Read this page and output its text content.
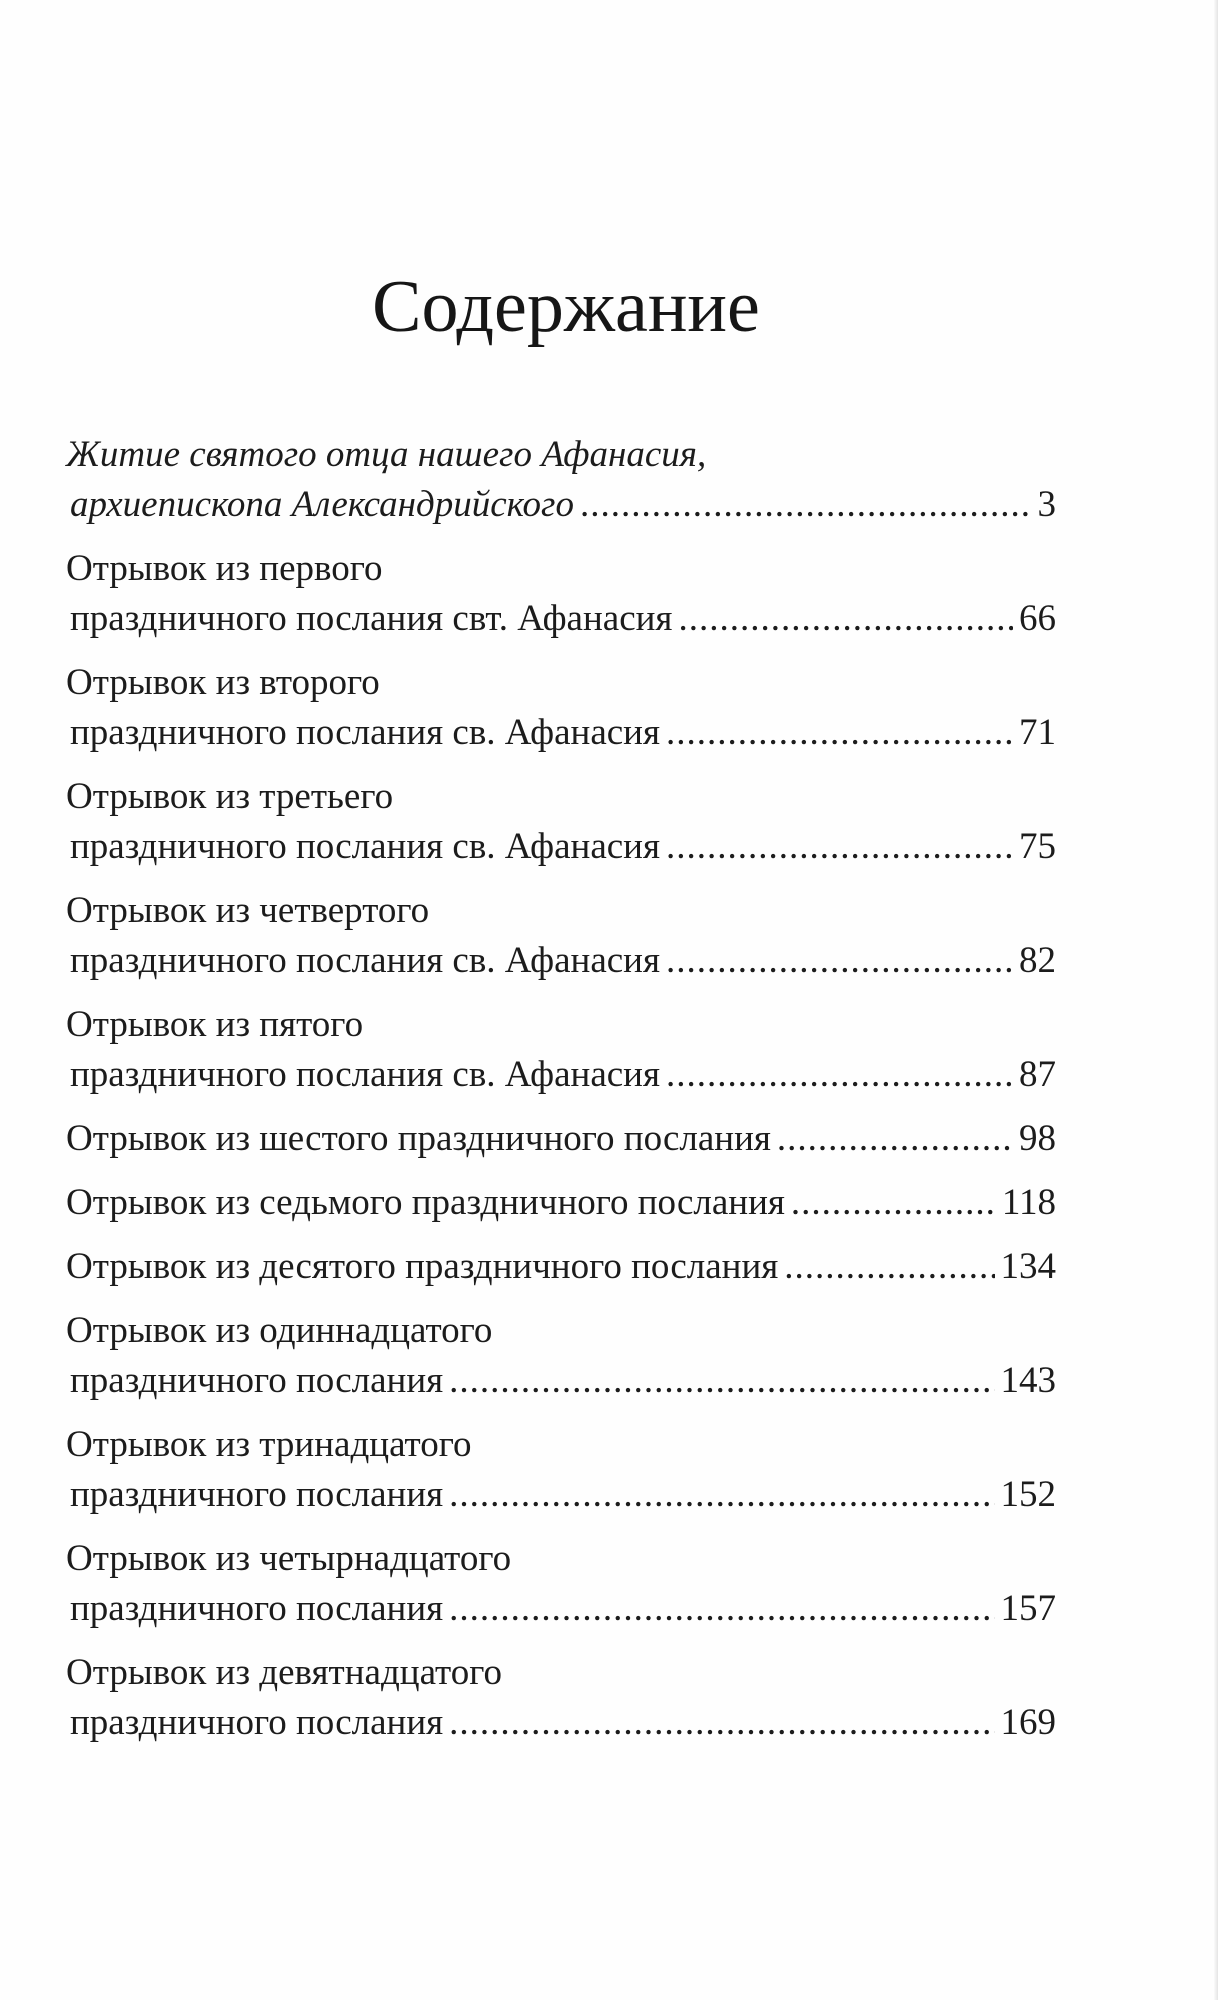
Содержание
Житие святого отца нашего Афанасия,
архиепископа Александрийского .....	3
Отрывок из первого
праздничного послания свт. Афанасия .....	66
Отрывок из второго
праздничного послания св. Афанасия .....	71
Отрывок из третьего
праздничного послания св. Афанасия .....	75
Отрывок из четвертого
праздничного послания св. Афанасия .....	82
Отрывок из пятого
праздничного послания св. Афанасия .....	87
Отрывок из шестого праздничного послания .....	98
Отрывок из седьмого праздничного послания .....	118
Отрывок из десятого праздничного послания .....	134
Отрывок из одиннадцатого
праздничного послания .....	143
Отрывок из тринадцатого
праздничного послания .....	152
Отрывок из четырнадцатого
праздничного послания .....	157
Отрывок из девятнадцатого
праздничного послания .....	169
